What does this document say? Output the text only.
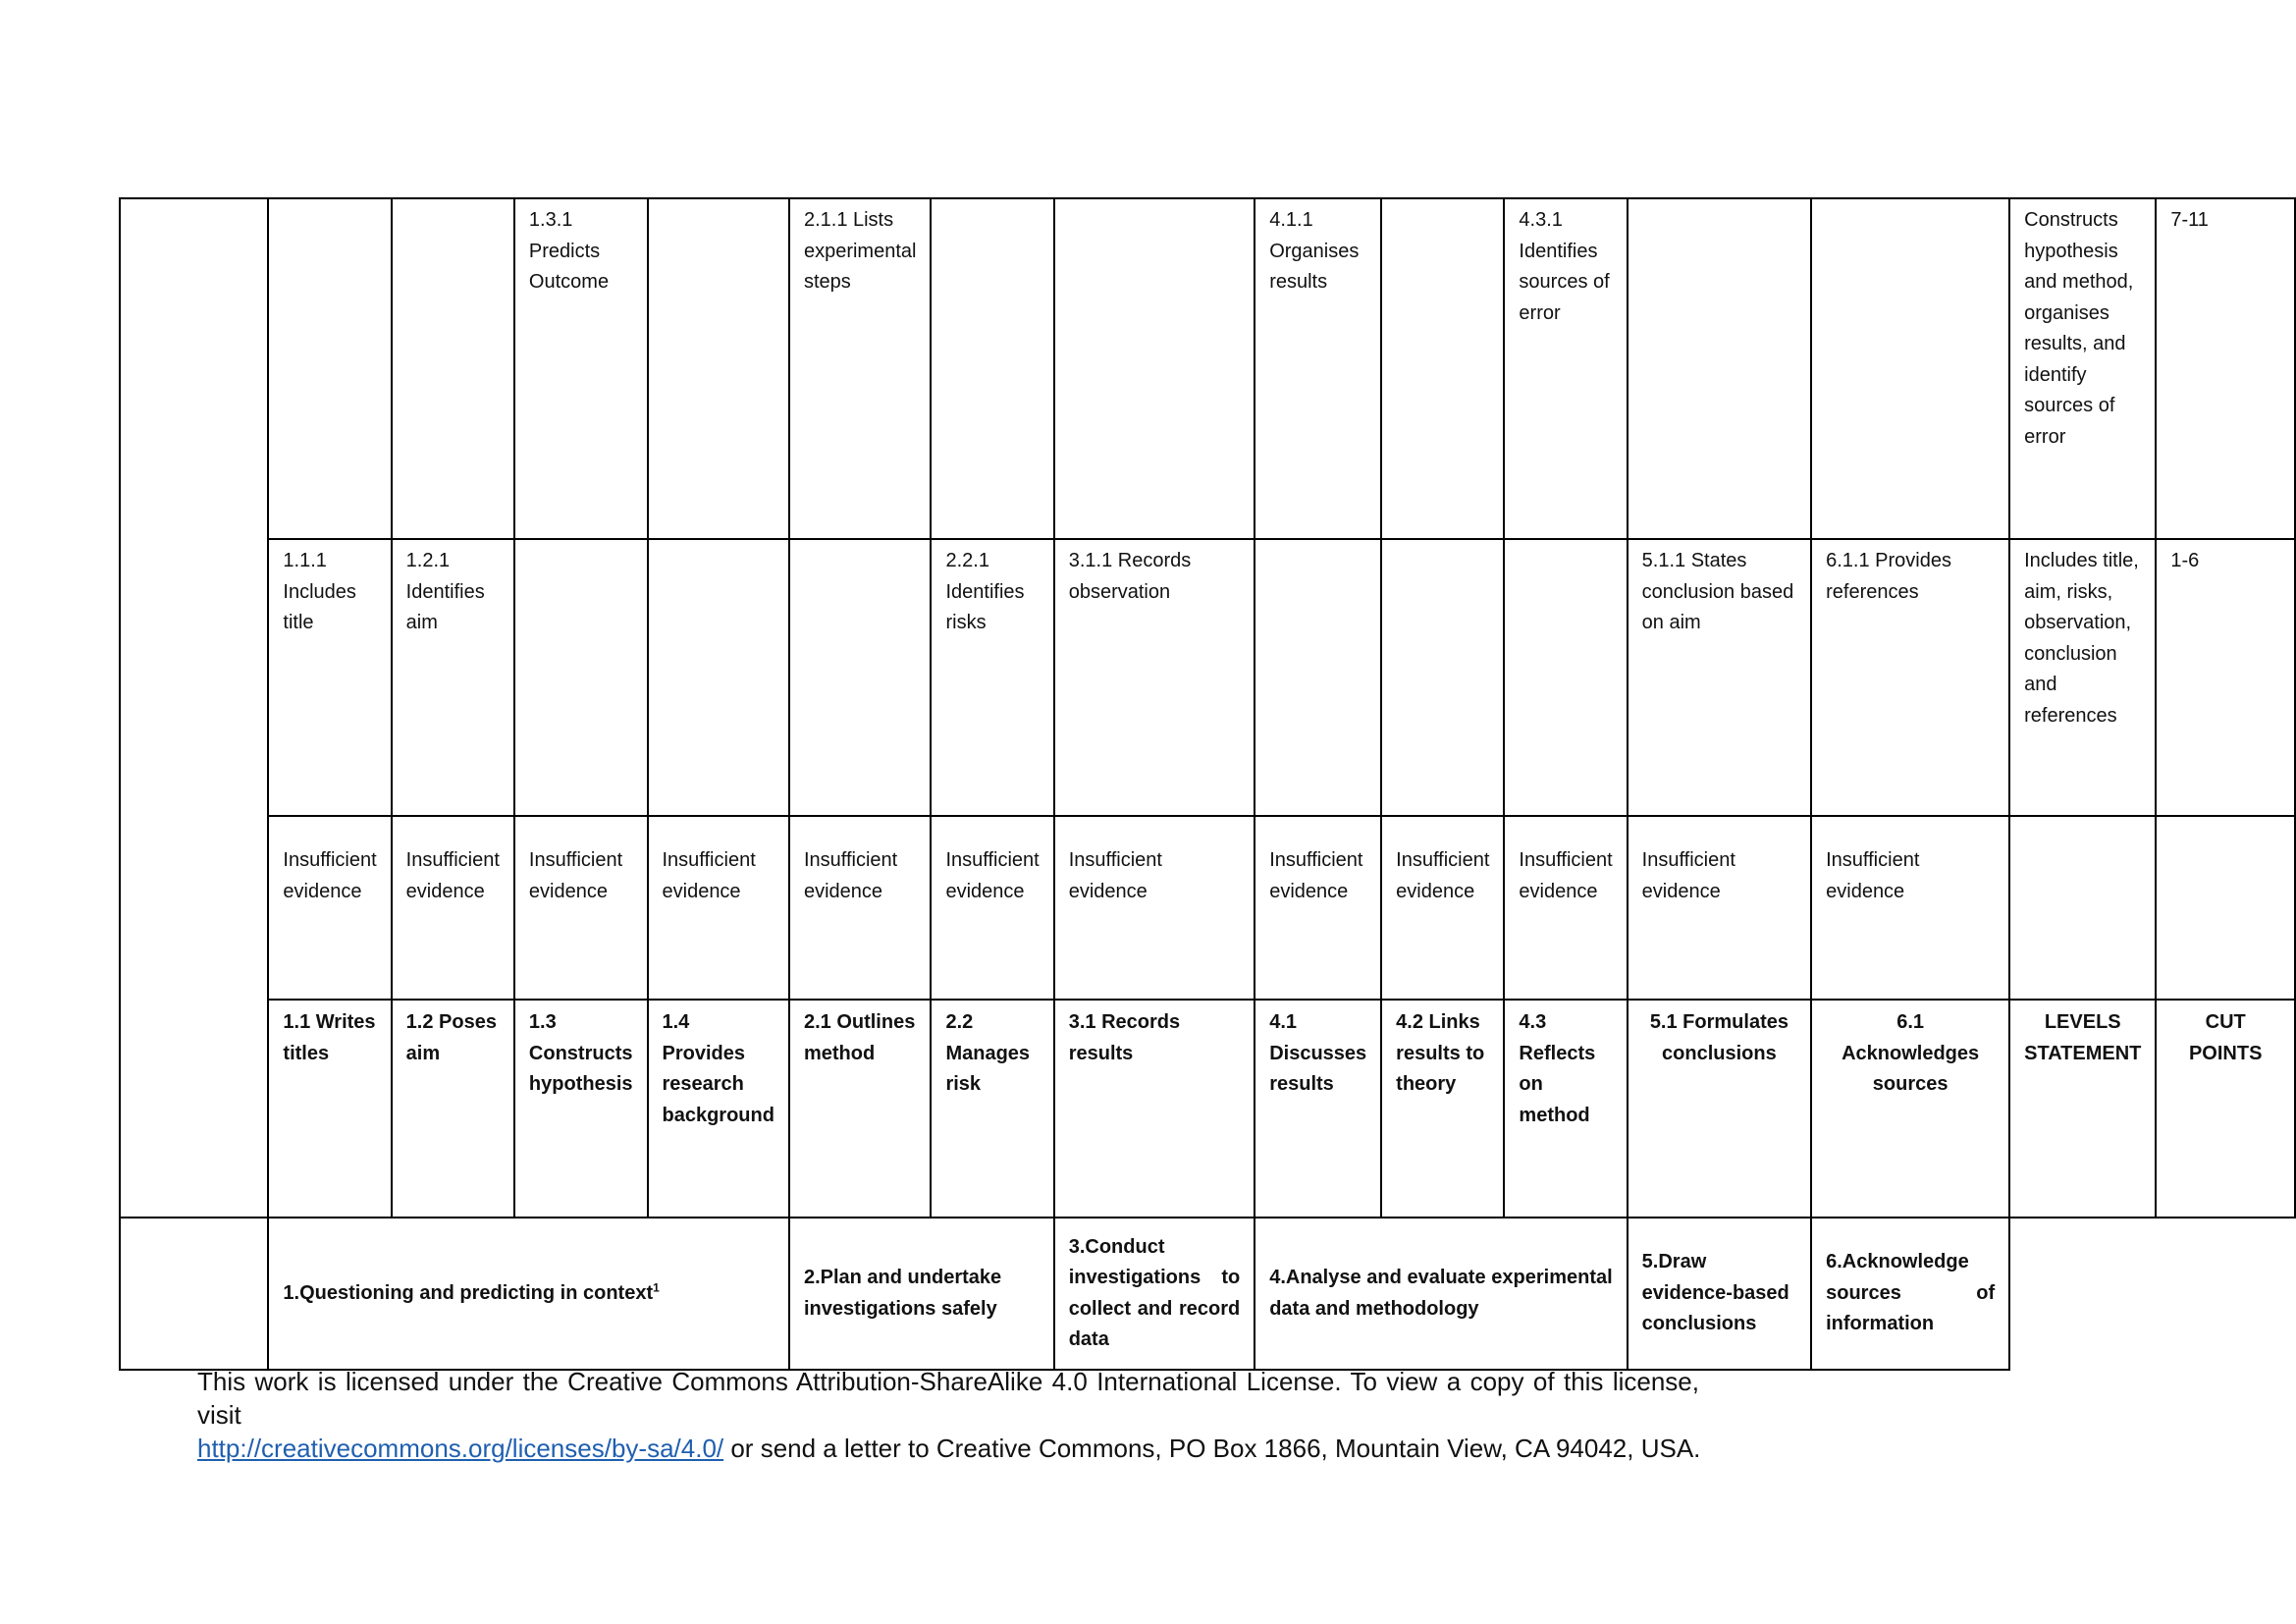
			1.3.1 Predicts Outcome		2.1.1 Lists experimental steps			4.1.1 Organises results		4.3.1 Identifies sources of error			Constructs hypothesis and method, organises results, and identify sources of error	7-11
	1.1.1 Includes title	1.2.1 Identifies aim				2.2.1 Identifies risks	3.1.1 Records observation				5.1.1 States conclusion based on aim	6.1.1 Provides references	Includes title, aim, risks, observation, conclusion and references	1-6
	Insufficient evidence	Insufficient evidence	Insufficient evidence	Insufficient evidence	Insufficient evidence	Insufficient evidence	Insufficient evidence	Insufficient evidence	Insufficient evidence	Insufficient evidence	Insufficient evidence	Insufficient evidence		
	1.1 Writes titles	1.2 Poses aim	1.3 Constructs hypothesis	1.4 Provides research background	2.1 Outlines method	2.2 Manages risk	3.1 Records results	4.1 Discusses results	4.2 Links results to theory	4.3 Reflects on method	5.1 Formulates conclusions	6.1 Acknowledges sources	LEVELS STATEMENT	CUT POINTS
	1.Questioning and predicting in context$^1$				2.Plan and undertake investigations safely		3.Conduct investigations to collect and record data	4.Analyse and evaluate experimental data and methodology			5.Draw evidence-based conclusions	6.Acknowledge sources of information		
This work is licensed under the Creative Commons Attribution-ShareAlike 4.0 International License. To view a copy of this license, visit
http://creativecommons.org/licenses/by-sa/4.0/ or send a letter to Creative Commons, PO Box 1866, Mountain View, CA 94042, USA.
